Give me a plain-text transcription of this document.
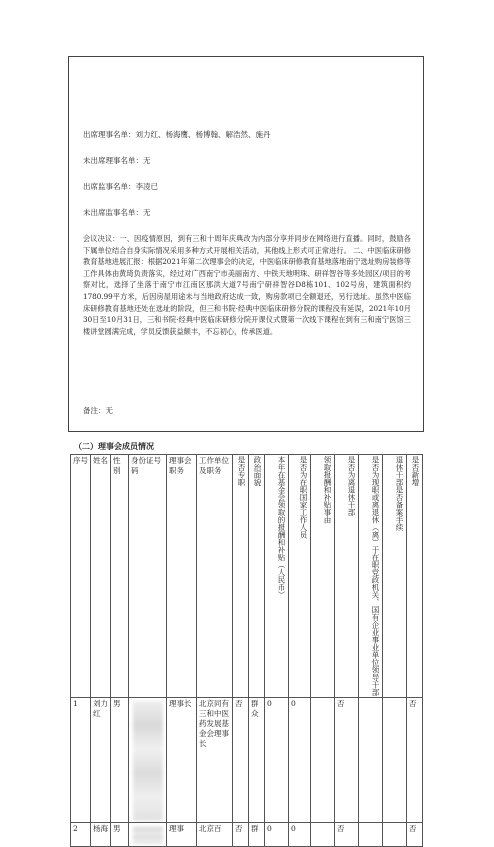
出席理事名单：刘力红、杨海鹰、杨博翰、解浩然、施丹
未出席理事名单：无
出席监事名单：李凌已
未出席监事名单：无
会议决议：一、因疫情原因，到有三和十周年庆典改为内部分享并同步在网络进行直播。同时，鼓励各下属单位结合自身实际情况采用多种方式开展相关活动，其他线上形式可正常进行。 二、中医临床研修教育基地进展汇报：根据2021年第二次理事会的决定，中医临床研修教育基地落地南宁选址购房装修等工作具体由黄琦负责落实，经过对广西南宁市美丽南方、中铁天地明珠、研祥智谷等多处园区/项目的考察对比，选择了坐落于南宁市江南区那洪大道7号南宁研祥智谷D8栋101、102号房，建筑面积约1780.99平方米，后因房屋用途未与当地政府达成一致，购房款项已全额退还，另行选址。虽然中医临床研修教育基地还处在选址的阶段，但三和书院·经典中医临床研修分院的课程没有延误，2021年10月30日至10月31日，三和书院·经典中医临床研修分院开课仪式暨第一次线下课程在到有三和南宁医馆三楼讲堂圆满完成，学员反馈获益颇丰，不忘初心，传承医道。
备注：无
（二）理事会成员情况
序号	姓名	性别	身份证号码	理事会职务	工作单位及职务	是否专职	政治面貌	本年在基金会领取的报酬和补贴（人民币）	是否为在职国家工作人员	领取报酬和补贴事由	是否为离退休干部	是否为现职或离退休（离）于在职党政机关、国有企业事业单位领导干部	退休干部是否备案手续	是否新增
1	刘力红	男		理事长	北京同有三和中医药发展基金会理事长	否	群众	0	0		否			否
2	杨海	男		理事	北京百	否	群	0	0		否			否
